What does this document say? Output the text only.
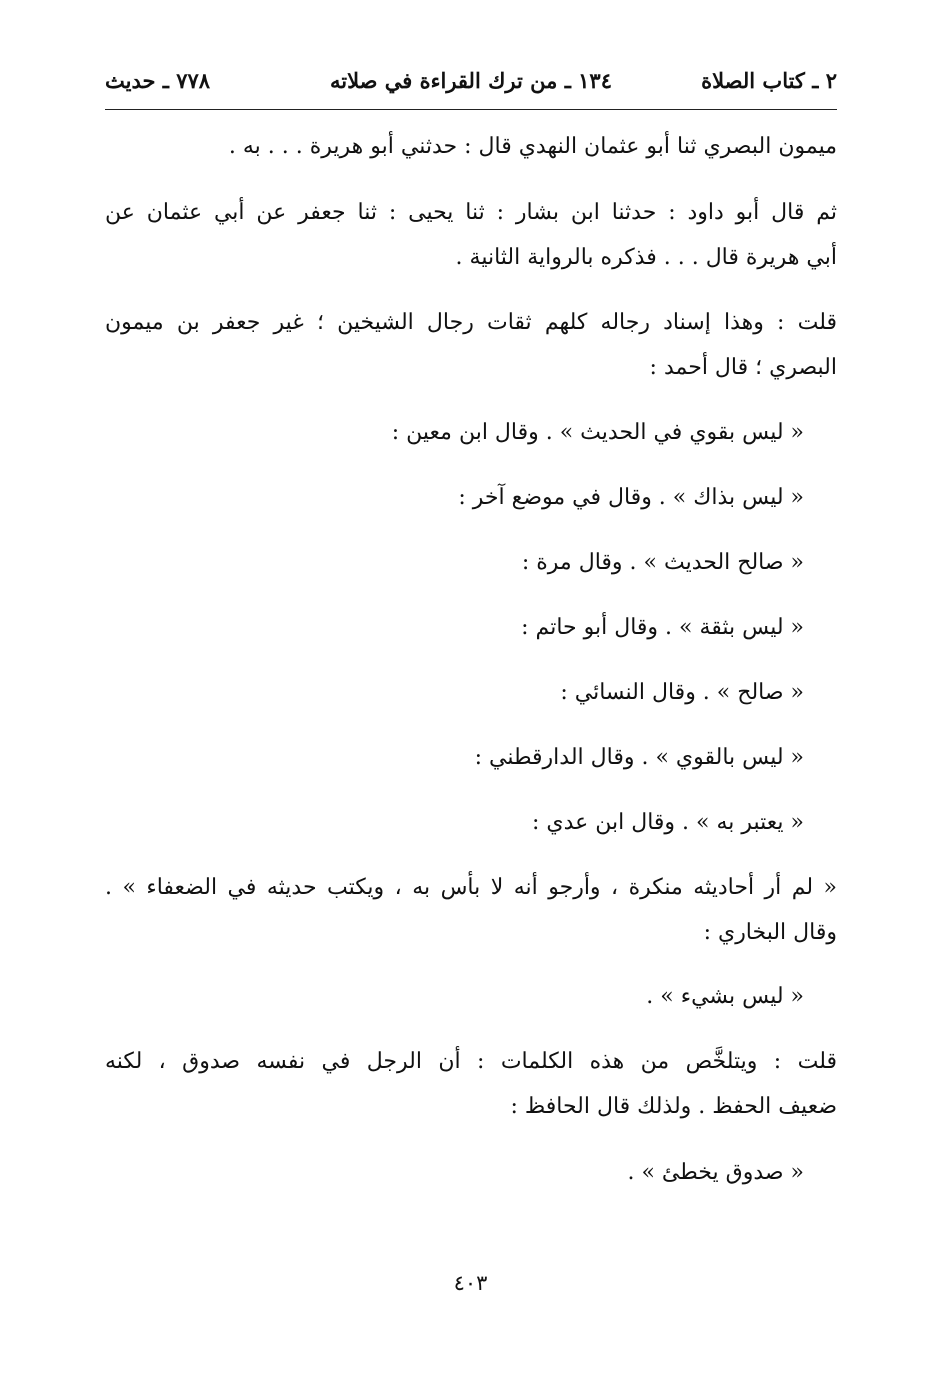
٢ ـ كتاب الصلاة
١٣٤ ـ من ترك القراءة في صلاته
٧٧٨ ـ حديث
ميمون البصري ثنا أبو عثمان النهدي قال : حدثني أبو هريرة . . . به .
ثم قال أبو داود : حدثنا ابن بشار : ثنا يحيى : ثنا جعفر عن أبي عثمان عن
أبي هريرة قال . . . فذكره بالرواية الثانية .
قلت : وهذا إسناد رجاله كلهم ثقات رجال الشيخين ؛ غير جعفر بن ميمون
البصري ؛ قال أحمد :
« ليس بقوي في الحديث » . وقال ابن معين :
« ليس بذاك » . وقال في موضع آخر :
« صالح الحديث » . وقال مرة :
« ليس بثقة » . وقال أبو حاتم :
« صالح » . وقال النسائي :
« ليس بالقوي » . وقال الدارقطني :
« يعتبر به » . وقال ابن عدي :
« لم أر أحاديثه منكرة ، وأرجو أنه لا بأس به ، ويكتب حديثه في الضعفاء » .
وقال البخاري :
« ليس بشيء » .
قلت : ويتلخَّص من هذه الكلمات : أن الرجل في نفسه صدوق ، لكنه
ضعيف الحفظ . ولذلك قال الحافظ :
« صدوق يخطئ » .
٤٠٣
